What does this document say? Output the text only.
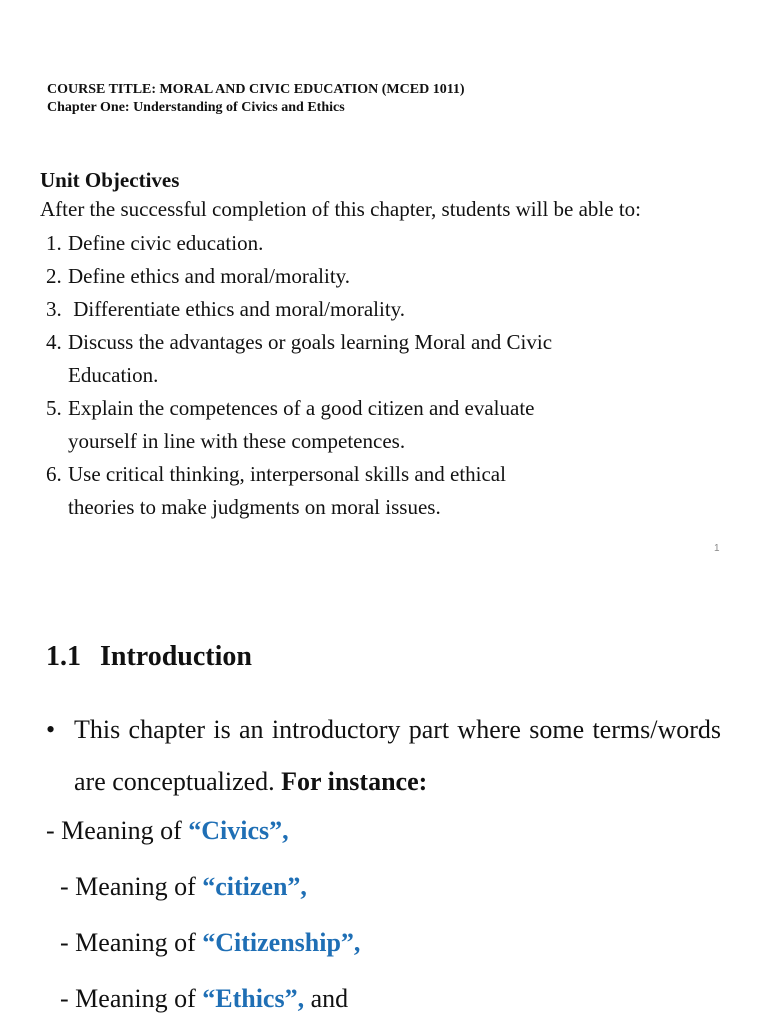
COURSE TITLE: MORAL AND CIVIC EDUCATION (MCED 1011)
Chapter One: Understanding of Civics and Ethics
Unit Objectives
After the successful completion of this chapter, students will be able to:
1. Define civic education.
2. Define ethics and moral/morality.
3. Differentiate ethics and moral/morality.
4. Discuss the advantages or goals learning Moral and Civic Education.
5. Explain the competences of a good citizen and evaluate yourself in line with these competences.
6. Use critical thinking, interpersonal skills and ethical theories to make judgments on moral issues.
1
1.1 Introduction
• This chapter is an introductory part where some terms/words are conceptualized. For instance:
- Meaning of “Civics”,
- Meaning of “citizen”,
- Meaning of “Citizenship”,
- Meaning of “Ethics”, and
